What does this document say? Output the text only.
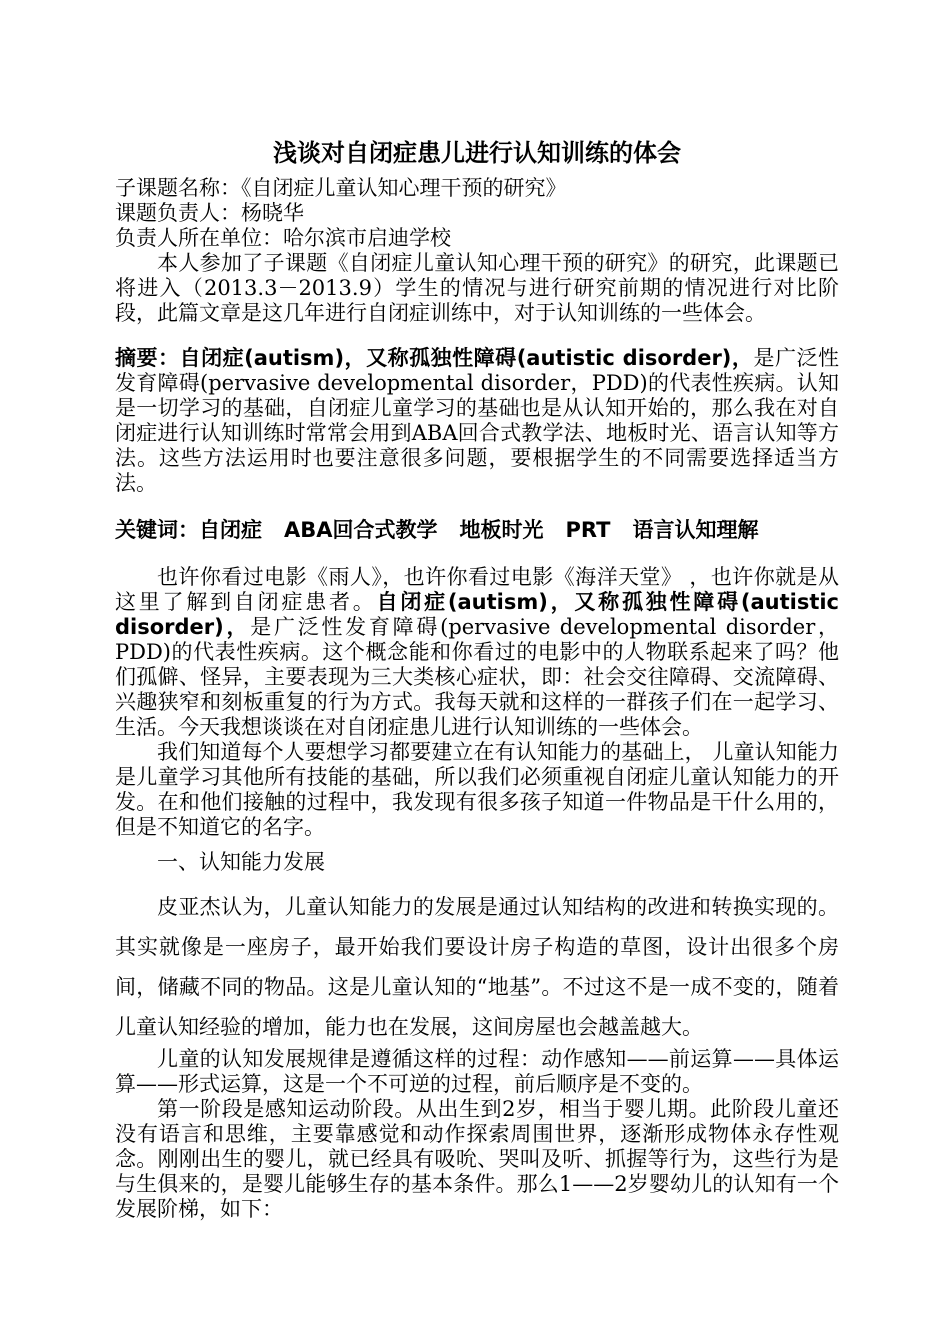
浅谈对自闭症患儿进行认知训练的体会

子课题名称：《自闭症儿童认知心理干预的研究》

课题负责人：杨晓华

负责人所在单位：哈尔滨市启迪学校

本人参加了子课题《自闭症儿童认知心理干预的研究》的研究，此课题已将进入（2013.3－2013.9）学生的情况与进行研究前期的情况进行对比阶段，此篇文章是这几年进行自闭症训练中，对于认知训练的一些体会。

摘要：自闭症(autism)，又称孤独性障碍(autistic disorder)，是广泛性发育障碍(pervasive developmental disorder，PDD)的代表性疾病。认知是一切学习的基础，自闭症儿童学习的基础也是从认知开始的，那么我在对自闭症进行认知训练时常常会用到ABA回合式教学法、地板时光、语言认知等方法。这些方法运用时也要注意很多问题，要根据学生的不同需要选择适当方法。

关键词：自闭症 ABA回合式教学 地板时光 PRT 语言认知理解

也许你看过电影《雨人》，也许你看过电影《海洋天堂》 ，也许你就是从这里了解到自闭症患者。自闭症(autism)，又称孤独性障碍(autistic disorder)，是广泛性发育障碍(pervasive developmental disorder，PDD)的代表性疾病。这个概念能和你看过的电影中的人物联系起来了吗？他们孤僻、怪异，主要表现为三大类核心症状，即：社会交往障碍、交流障碍、兴趣狭窄和刻板重复的行为方式。我每天就和这样的一群孩子们在一起学习、生活。今天我想谈谈在对自闭症患儿进行认知训练的一些体会。

我们知道每个人要想学习都要建立在有认知能力的基础上， 儿童认知能力是儿童学习其他所有技能的基础，所以我们必须重视自闭症儿童认知能力的开发。在和他们接触的过程中，我发现有很多孩子知道一件物品是干什么用的，但是不知道它的名字。

一、认知能力发展

皮亚杰认为，儿童认知能力的发展是通过认知结构的改进和转换实现的。其实就像是一座房子，最开始我们要设计房子构造的草图，设计出很多个房间，储藏不同的物品。这是儿童认知的“地基”。不过这不是一成不变的，随着儿童认知经验的增加，能力也在发展，这间房屋也会越盖越大。

儿童的认知发展规律是遵循这样的过程：动作感知——前运算——具体运算——形式运算，这是一个不可逆的过程，前后顺序是不变的。

第一阶段是感知运动阶段。从出生到2岁，相当于婴儿期。此阶段儿童还没有语言和思维，主要靠感觉和动作探索周围世界，逐渐形成物体永存性观念。刚刚出生的婴儿，就已经具有吸吮、哭叫及听、抓握等行为，这些行为是与生俱来的，是婴儿能够生存的基本条件。那么1——2岁婴幼儿的认知有一个发展阶梯，如下：
